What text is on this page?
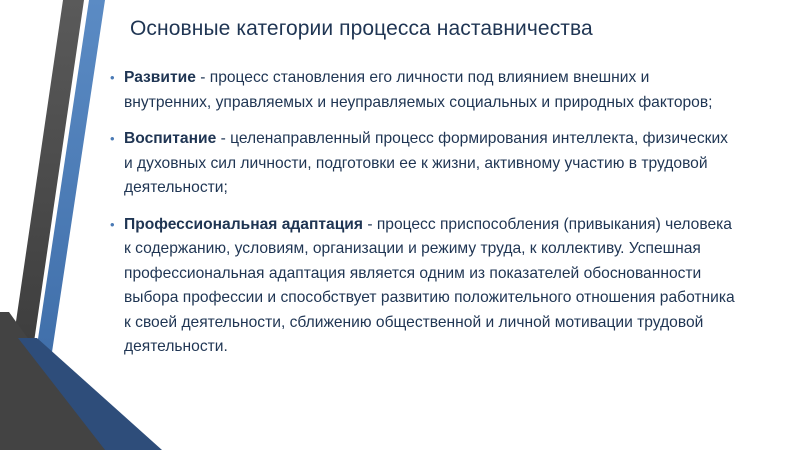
Основные категории процесса наставничества
• Развитие - процесс становления его личности под влиянием внешних и внутренних, управляемых и неуправляемых социальных и природных факторов;
• Воспитание - целенаправленный процесс формирования интеллекта, физических и духовных сил личности, подготовки ее к жизни, активному участию в трудовой деятельности;
• Профессиональная адаптация - процесс приспособления (привыкания) человека к содержанию, условиям, организации и режиму труда, к коллективу. Успешная профессиональная адаптация является одним из показателей обоснованности выбора профессии и способствует развитию положительного отношения работника к своей деятельности, сближению общественной и личной мотивации трудовой деятельности.
